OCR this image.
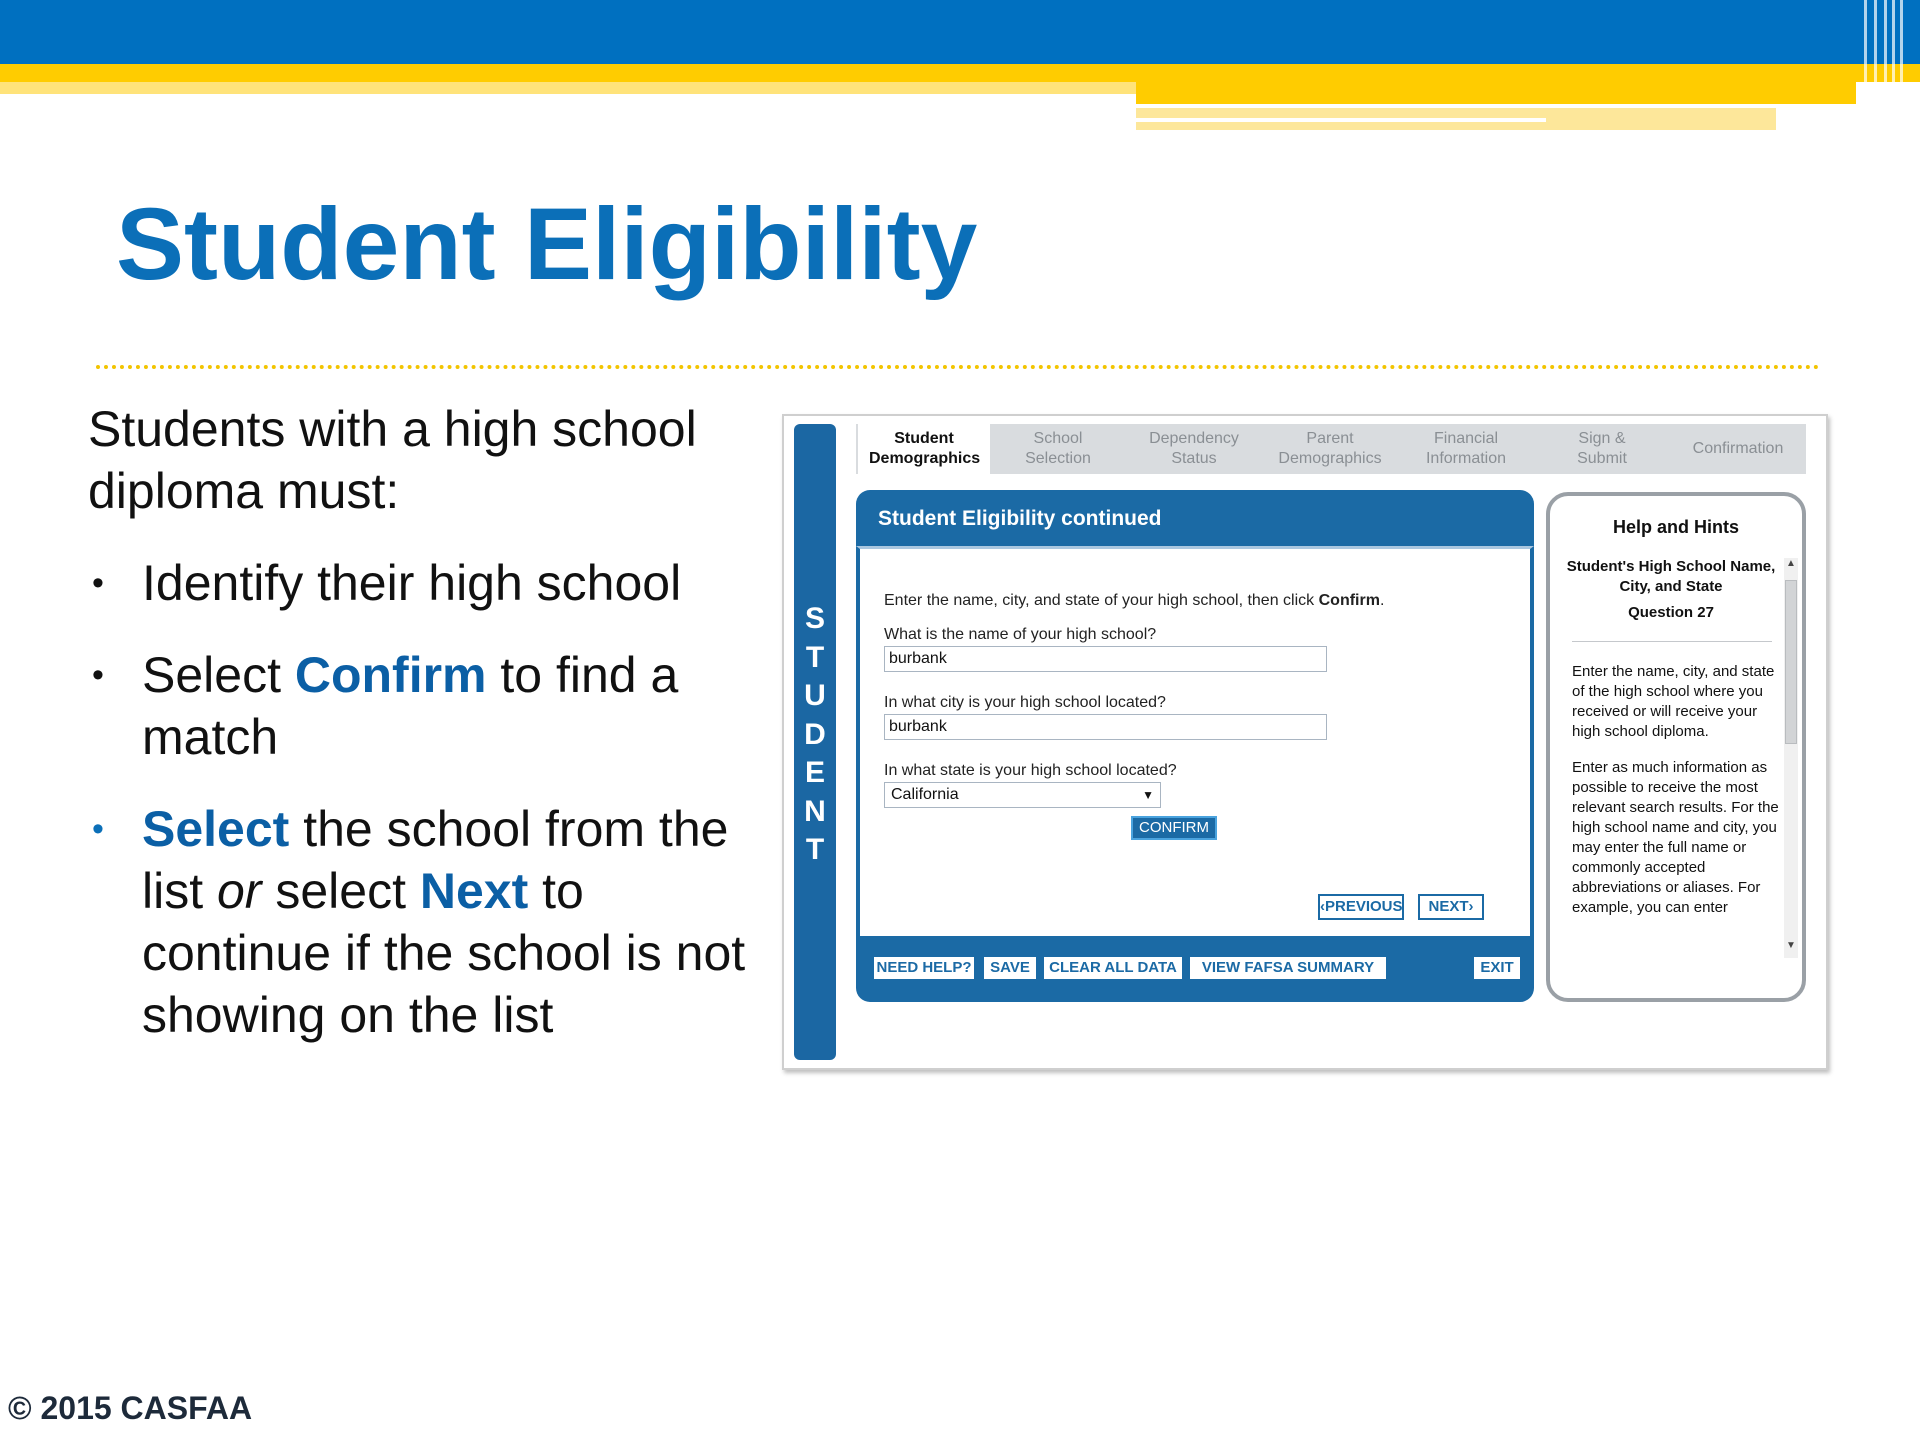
Student Eligibility

Students with a high school diploma must:

• Identify their high school
• Select Confirm to find a match
• Select the school from the list or select Next to continue if the school is not showing on the list
S
T
U
D
E
N
T
Student Demographics
School Selection
Dependency Status
Parent Demographics
Financial Information
Sign & Submit
Confirmation
Student Eligibility continued
Enter the name, city, and state of your high school, then click Confirm.
What is the name of your high school?
burbank
In what city is your high school located?
burbank
In what state is your high school located?
California	▼
CONFIRM
‹PREVIOUS	NEXT›
NEED HELP?	SAVE	CLEAR ALL DATA	VIEW FAFSA SUMMARY	EXIT
Help and Hints
Student's High School Name, City, and State
Question 27

Enter the name, city, and state of the high school where you received or will receive your high school diploma.

Enter as much information as possible to receive the most relevant search results. For the high school name and city, you may enter the full name or commonly accepted abbreviations or aliases. For example, you can enter

▲
▼
© 2015 CASFAA
